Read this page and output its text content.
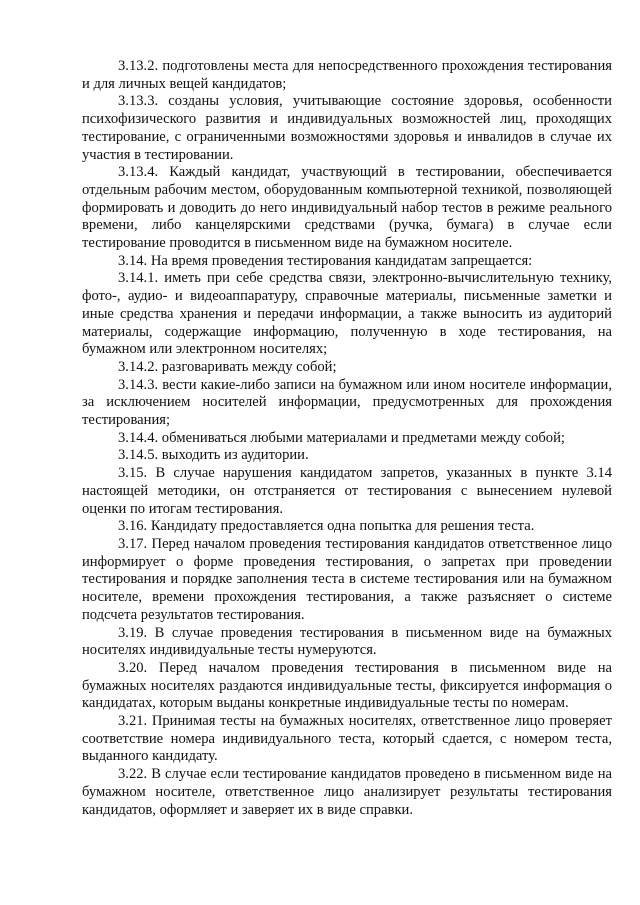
3.13.2. подготовлены места для непосредственного прохождения тестирования и для личных вещей кандидатов;

3.13.3. созданы условия, учитывающие состояние здоровья, особенности психофизического развития и индивидуальных возможностей лиц, проходящих тестирование, с ограниченными возможностями здоровья и инвалидов в случае их участия в тестировании.

3.13.4. Каждый кандидат, участвующий в тестировании, обеспечивается отдельным рабочим местом, оборудованным компьютерной техникой, позволяющей формировать и доводить до него индивидуальный набор тестов в режиме реального времени, либо канцелярскими средствами (ручка, бумага) в случае если тестирование проводится в письменном виде на бумажном носителе.

3.14. На время проведения тестирования кандидатам запрещается:

3.14.1. иметь при себе средства связи, электронно-вычислительную технику, фото-, аудио- и видеоаппаратуру, справочные материалы, письменные заметки и иные средства хранения и передачи информации, а также выносить из аудиторий материалы, содержащие информацию, полученную в ходе тестирования, на бумажном или электронном носителях;

3.14.2. разговаривать между собой;

3.14.3. вести какие-либо записи на бумажном или ином носителе информации, за исключением носителей информации, предусмотренных для прохождения тестирования;

3.14.4. обмениваться любыми материалами и предметами между собой;

3.14.5. выходить из аудитории.

3.15. В случае нарушения кандидатом запретов, указанных в пункте 3.14 настоящей методики, он отстраняется от тестирования с вынесением нулевой оценки по итогам тестирования.

3.16. Кандидату предоставляется одна попытка для решения теста.

3.17. Перед началом проведения тестирования кандидатов ответственное лицо информирует о форме проведения тестирования, о запретах при проведении тестирования и порядке заполнения теста в системе тестирования или на бумажном носителе, времени прохождения тестирования, а также разъясняет о системе подсчета результатов тестирования.

3.19. В случае проведения тестирования в письменном виде на бумажных носителях индивидуальные тесты нумеруются.

3.20. Перед началом проведения тестирования в письменном виде на бумажных носителях раздаются индивидуальные тесты, фиксируется информация о кандидатах, которым выданы конкретные индивидуальные тесты по номерам.

3.21. Принимая тесты на бумажных носителях, ответственное лицо проверяет соответствие номера индивидуального теста, который сдается, с номером теста, выданного кандидату.

3.22. В случае если тестирование кандидатов проведено в письменном виде на бумажном носителе, ответственное лицо анализирует результаты тестирования кандидатов, оформляет и заверяет их в виде справки.
